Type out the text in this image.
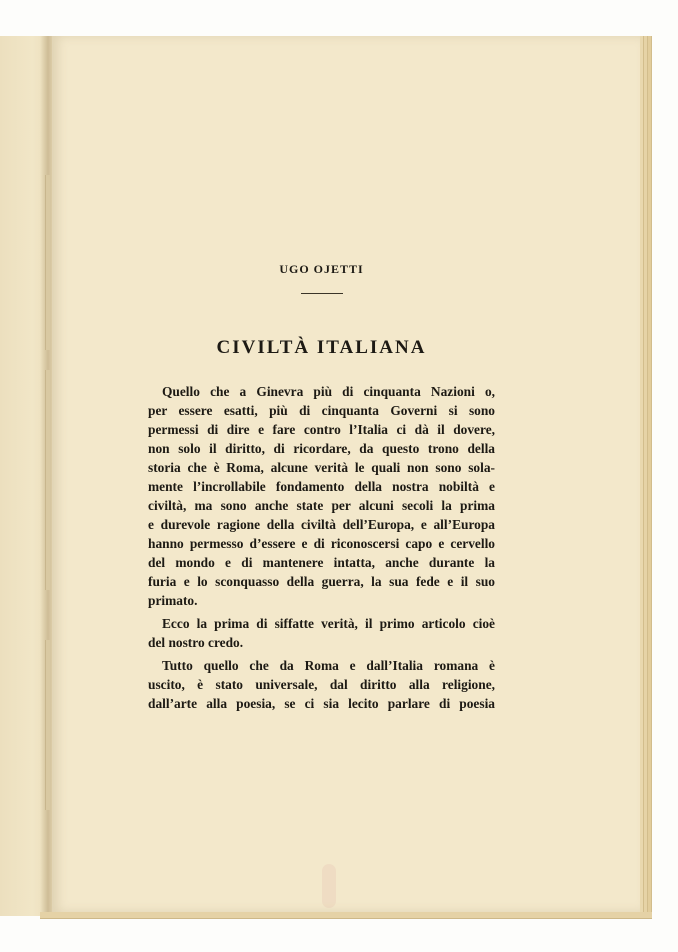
UGO OJETTI
CIVILTÀ ITALIANA
Quello che a Ginevra più di cinquanta Nazioni o,
per essere esatti, più di cinquanta Governi si sono
permessi di dire e fare contro l’Italia ci dà il dovere,
non solo il diritto, di ricordare, da questo trono della
storia che è Roma, alcune verità le quali non sono sola-
mente l’incrollabile fondamento della nostra nobiltà e
civiltà, ma sono anche state per alcuni secoli la prima
e durevole ragione della civiltà dell’Europa, e all’Europa
hanno permesso d’essere e di riconoscersi capo e cervello
del mondo e di mantenere intatta, anche durante la
furia e lo sconquasso della guerra, la sua fede e il suo
primato.
Ecco la prima di siffatte verità, il primo articolo cioè
del nostro credo.
Tutto quello che da Roma e dall’Italia romana è
uscito, è stato universale, dal diritto alla religione,
dall’arte alla poesia, se ci sia lecito parlare di poesia
